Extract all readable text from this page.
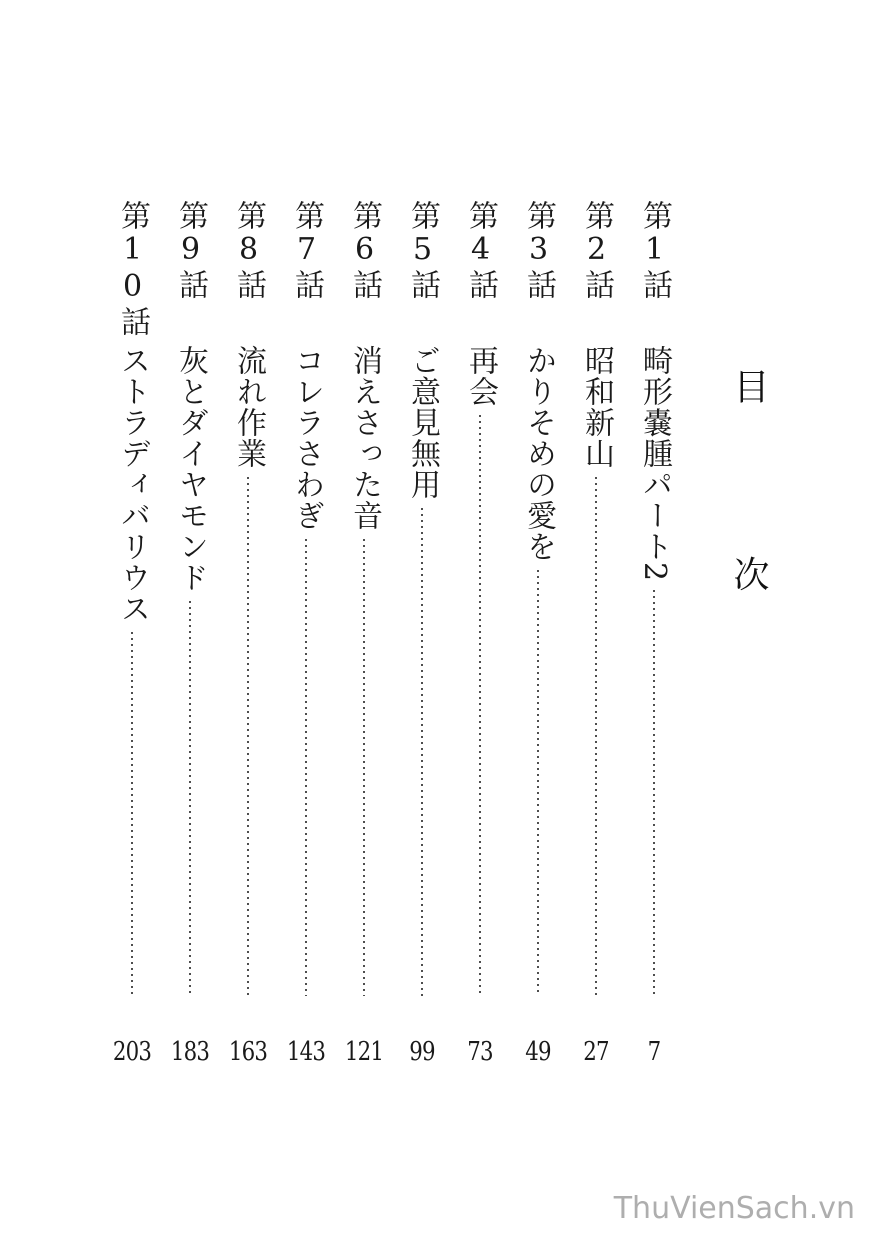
目 次
第1話
畸形嚢腫パート2
7
第2話
昭和新山
27
第3話
かりそめの愛を
49
第4話
再会
73
第5話
ご意見無用
99
第6話
消えさった音
121
第7話
コレラさわぎ
143
第8話
流れ作業
163
第9話
灰とダイヤモンド
183
第10話
ストラディバリウス
203
ThuVienSach.vn
